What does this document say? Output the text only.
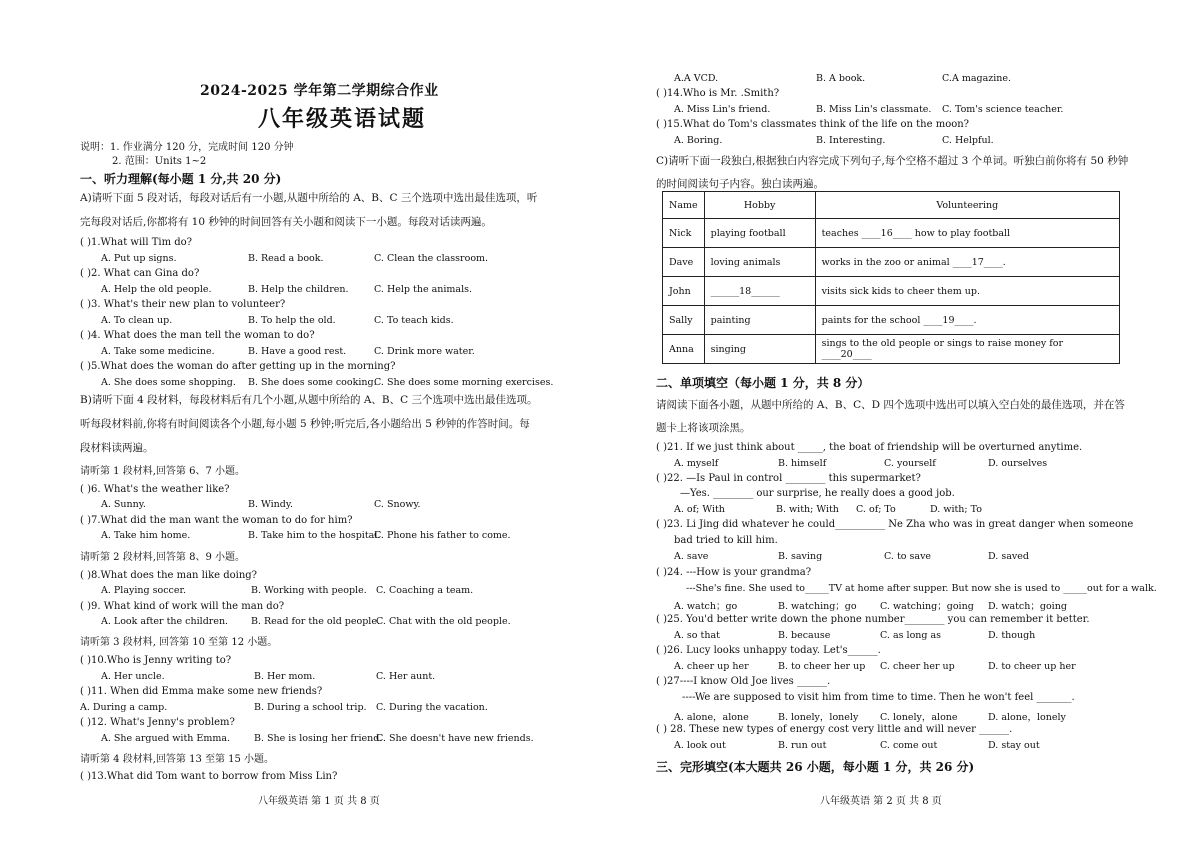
2024-2025 学年第二学期综合作业
八年级英语试题
说明：1. 作业满分 120 分，完成时间 120 分钟
2. 范围：Units 1~2
一、听力理解(每小题 1 分,共 20 分)
A)请听下面 5 段对话，每段对话后有一小题,从题中所给的 A、B、C 三个选项中选出最佳选项，听完每段对话后,你都将有 10 秒钟的时间回答有关小题和阅读下一小题。每段对话读两遍。
( )1.What will Tim do?
A. Put up signs.	B. Read a book.	C. Clean the classroom.
( )2. What can Gina do?
A. Help the old people.	B. Help the children.	C. Help the animals.
( )3. What's their new plan to volunteer?
A. To clean up.	B. To help the old.	C. To teach kids.
( )4. What does the man tell the woman to do?
A. Take some medicine.	B. Have a good rest.	C. Drink more water.
( )5.What does the woman do after getting up in the morning?
A. She does some shopping. B. She does some cooking.
C. She does some morning exercises.
B)请听下面 4 段材料，每段材料后有几个小题,从题中所给的 A、B、C 三个选项中选出最佳选项。听每段材料前,你将有时间阅读各个小题,每小题 5 秒钟;听完后,各小题给出 5 秒钟的作答时间。每段材料读两遍。
请听第 1 段材料,回答第 6、7 小题。
( )6. What's the weather like?
A. Sunny.	B. Windy.	C. Snowy.
( )7.What did the man want the woman to do for him?
A. Take him home.	B. Take him to the hospital.
C. Phone his father to come.
请听第 2 段材料,回答第 8、9 小题。
( )8.What does the man like doing?
A. Playing soccer.	B. Working with people. C. Coaching a team.
( )9. What kind of work will the man do?
A. Look after the children. B. Read for the old people.
C. Chat with the old people.
请听第 3 段材料, 回答第 10 至第 12 小题。
( )10.Who is Jenny writing to?
A. Her uncle.	B. Her mom.	C. Her aunt.
( )11. When did Emma make some new friends?
A. During a camp.	B. During a school trip. C. During the vacation.
( )12. What's Jenny's problem?
A. She argued with Emma.	B. She is losing her friend.
C. She doesn't have new friends.
请听第 4 段材料,回答第 13 至第 15 小题。
( )13.What did Tom want to borrow from Miss Lin?
八年级英语 第 1 页 共 8 页
A.A VCD.	B. A book.	C.A magazine.
( )14.Who is Mr. .Smith?
A. Miss Lin's friend.	B. Miss Lin's classmate. C. Tom's science teacher.
( )15.What do Tom's classmates think of the life on the moon?
A. Boring.	B. Interesting.	C. Helpful.
C)请听下面一段独白,根据独白内容完成下列句子,每个空格不超过 3 个单词。听独白前你将有 50 秒钟
的时间阅读句子内容。独白读两遍。
Name	Hobby	Volunteering
Nick	playing football	teaches ____16____ how to play football
Dave	loving animals	works in the zoo or animal ____17____.
John	______18______	visits sick kids to cheer them up.
Sally	painting	paints for the school ____19____.
Anna	singing	sings to the old people or sings to raise money for ____20____
二、单项填空（每小题 1 分，共 8 分）
请阅读下面各小题，从题中所给的 A、B、C、D 四个选项中选出可以填入空白处的最佳选项，并在答
题卡上将该项涂黑。
( )21. If we just think about _____, the boat of friendship will be overturned anytime.
A. myself	B. himself	C. yourself	D. ourselves
( )22. —Is Paul in control ________ this supermarket?
—Yes. ________ our surprise, he really does a good job.
A. of; With	B. with; With C. of; To	D. with; To
( )23. Li Jing did whatever he could__________ Ne Zha who was in great danger when someone
bad tried to kill him.
A. save	B. saving	C. to save	D. saved
( )24. ---How is your grandma?
---She's fine. She used to_____TV at home after supper. But now she is used to _____out for a walk.
A. watch；go	B. watching；go C. watching；going D. watch；going
( )25. You'd better write down the phone number________ you can remember it better.
A. so that	B. because	C. as long as	D. though
( )26. Lucy looks unhappy today. Let's______.
A. cheer up her	B. to cheer her up C. cheer her up	D. to cheer up her
( )27----I know Old Joe lives ______.
----We are supposed to visit him from time to time. Then he won't feel _______.
A. alone，alone	B. lonely，lonely C. lonely，alone	D. alone，lonely
( ) 28. These new types of energy cost very little and will never ______.
A. look out	B. run out	C. come out	D. stay out
三、完形填空(本大题共 26 小题，每小题 1 分，共 26 分)
八年级英语 第 2 页 共 8 页
